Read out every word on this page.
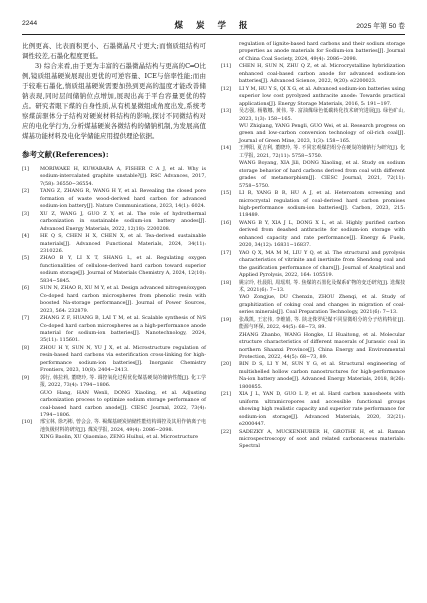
2244	煤 炭 学 报	2025 年第 50 卷

比例更高、比表面积更小、石墨微晶尺寸更大;而惰质组结构可调性较差,石墨化程度更低。

3) 综合来看,由于更为丰富的石墨微晶结构与更高的C═O比例,镜质组基硬炭展现出更优的可逆容量、ICE与倍率性能;而由于较难石墨化,惰质组基硬炭需要加热到更高的温度才能改善储钠表现,同时层间储钠位点增加,展现出高于平台容量更优的特点。研究者眼下煤的自身性质,从有机显微组成角度出发,系统考察煤前驱体分子结构对硬炭材料结构的影响,探讨不同微结构对应的电化学行为,分析煤基硬炭各微结构的储钠机制,为发展高值煤基功能材料及电化学储能应用提供理论依据。

参考文献(References):
[1]	MORIWAKE H, KUWABARA A, FISHER C A J, et al. Why is sodium-intercalated graphite unstable?[J]. RSC Advances, 2017, 7(58): 36550−36554.
[2]	TANG Z, ZHANG R, WANG H Y, et al. Revealing the closed pore formation of waste wood-derived hard carbon for advanced sodium-ion battery[J]. Nature Communications, 2023, 14(1): 6024.
[3]	XU Z, WANG J, GUO Z Y, et al. The role of hydrothermal carbonization in sustainable sodium-ion battery anodes[J]. Advanced Energy Materials, 2022, 12(18): 2200208.
[4]	HE Q S, CHEN H X, CHEN X, et al. Tea-derived sustainable materials[J]. Advanced Functional Materials, 2024, 34(11): 2310226.
[5]	ZHAO B Y, LI X T, SHANG L, et al. Regulating oxygen functionalities of cellulose-derived hard carbon toward superior sodium storage[J]. Journal of Materials Chemistry A, 2024, 12(10): 5834−5845.
[6]	SUN N, ZHAO R, XU M Y, et al. Design advanced nitrogen/oxygen Co-doped hard carbon microspheres from phenolic resin with boosted Na-storage performance[J]. Journal of Power Sources, 2023, 564: 232879.
[7]	ZHANG Z F, HUANG B, LAI T M, et al. Scalable synthesis of N/S Co-doped hard carbon microspheres as a high-performance anode material for sodium-ion batteries[J]. Nanotechnology, 2024, 35(11): 115601.
[8]	ZHOU H Y, SUN N, YU J X, et al. Microstructure regulation of resin-based hard carbons via esterification cross-linking for high-performance sodium-ion batteries[J]. Inorganic Chemistry Frontiers, 2023, 10(8): 2404−2413.
[9]	郭行, 韩拉莉, 董晓玲, 等. 调控氧化过程优化煤基硬炭的储钠性能[J]. 化工学报, 2022, 73(4): 1794−1806.
GUO Hang, HAN Wenli, DONG Xiaoling, et al. Adjusting carbonization process to optimize sodium storage performance of coal-based hard carbon anode[J]. CIESC Journal, 2022, 73(4): 1794−1806.
[10]	邢宝林, 徐巧彬, 曾会会, 等. 褐煤基硬炭钠储性能结构调控及其用作钠离子电池负极材料的研究[J]. 煤炭学报, 2024, 49(4): 2086−2098.
XING Baolin, XU Qiaomiao, ZENG Huihui, et al. Microstructure
regulation of lignite-based hard carbons and their sodium storage properties as anode materials for Sodium-ion batteries[J]. Journal of China Coal Society, 2024, 49(4): 2086−2098.
[11]	CHEN H, SUN N, ZHU Q Z, et al. Microcrystalline hybridization enhanced coal-based carbon anode for advanced sodium-ion batteries[J]. Advanced Science, 2022, 9(20): e2200023.
[12]	LI Y M, HU Y S, QI X G, et al. Advanced sodium-ion batteries using superior low cost pyrolyzed anthracite anode: Towards practical applications[J]. Energy Storage Materials, 2016, 5: 191−197.
[13]	吴志强, 杨敬娜, 黄伟, 等. 富油煤绿色低碳转化技术研究进展[J]. 绿色矿山, 2023, 1(3): 158−165.
WU Zhiqiang, YANG Pengli, GUO Wei, et al. Research progress on green and low-carbon conversion technology of oil-rich coal[J]. Journal of Green Mine, 2023, 1(3): 158−165.
[14]	王博阳, 夏吉利, 董晓玲, 等. 不同宏观煤岩组分在硬炭的储钠行为研究[J]. 化工学报, 2021, 72(11): 5758−5750.
WANG Boyang, XIA Jili, DONG Xiaoling, et al. Study on sodium storage behavior of hard carbons derived from coal with different grades of metamorphism[J]. CIESC Journal, 2021, 72(11): 5758−5750.
[15]	LI R, YANG B R, HU A J, et al. Heteroatom screening and microcrystal regulation of coal-derived hard carbon promises high-performance sodium-ion batteries[J]. Carbon, 2023, 215: 118489.
[16]	WANG B Y, XIA J L, DONG X L, et al. Highly purified carbon derived from deashed anthracite for sodium-ion storage with enhanced capacity and rate performance[J]. Energy & Fuels, 2020, 34(12): 16831−16837.
[17]	YAO Q X, MA M M, LIU Y Q, et al. The structural and pyrolysis characteristics of vitrinite and inertinite from Shendong coal and the gasification performance of chars[J]. Journal of Analytical and Applied Pyrolysis, 2022, 164: 105519.
[18]	姚宗玲, 杜晨阳, 周瑶琪, 等. 焦煤的石墨化及煤系矿物的变迁研究[J]. 选煤技术, 2021(6): 7−13.
YAO Zongjue, DU Chenxin, ZHOU Zhenqi, et al. Study of graphitization of coking coal and changes in migration of coal-series minerals[J]. Coal Preparation Technology, 2021(6): 7−13.
[19]	张战凯, 王宏伟, 李维娟, 等. 陕北侏罗纪煤不同显微组分的分子结构特征[J]. 能源与环保, 2022, 44(5): 68−73, 89.
ZHANG Zhanbo, WANG Hongke, LI Huaitong, et al. Molecular structure characteristics of different macerals of Jurassic coal in northern Shaanxi Province[J]. China Energy and Environmental Protection, 2022, 44(5): 68−73, 89.
[20]	BIN D S, LI Y M, SUN Y G, et al. Structural engineering of multishelled hollow carbon nanostructures for high-performance Na-ion battery anode[J]. Advanced Energy Materials, 2018, 8(26): 1800855.
[21]	XIA J L, YAN D, GUO L P, et al. Hard carbon nanosheets with uniform ultramicropores and accessible functional groups showing high realistic capacity and superior rate performance for sodium-ion storage[J]. Advanced Materials, 2020, 32(21): e2000447.
[22]	SADEZKY A, MUCKENHUBER H, GROTHE H, et al. Raman microspectroscopy of soot and related carbonaceous materials: Spectral
